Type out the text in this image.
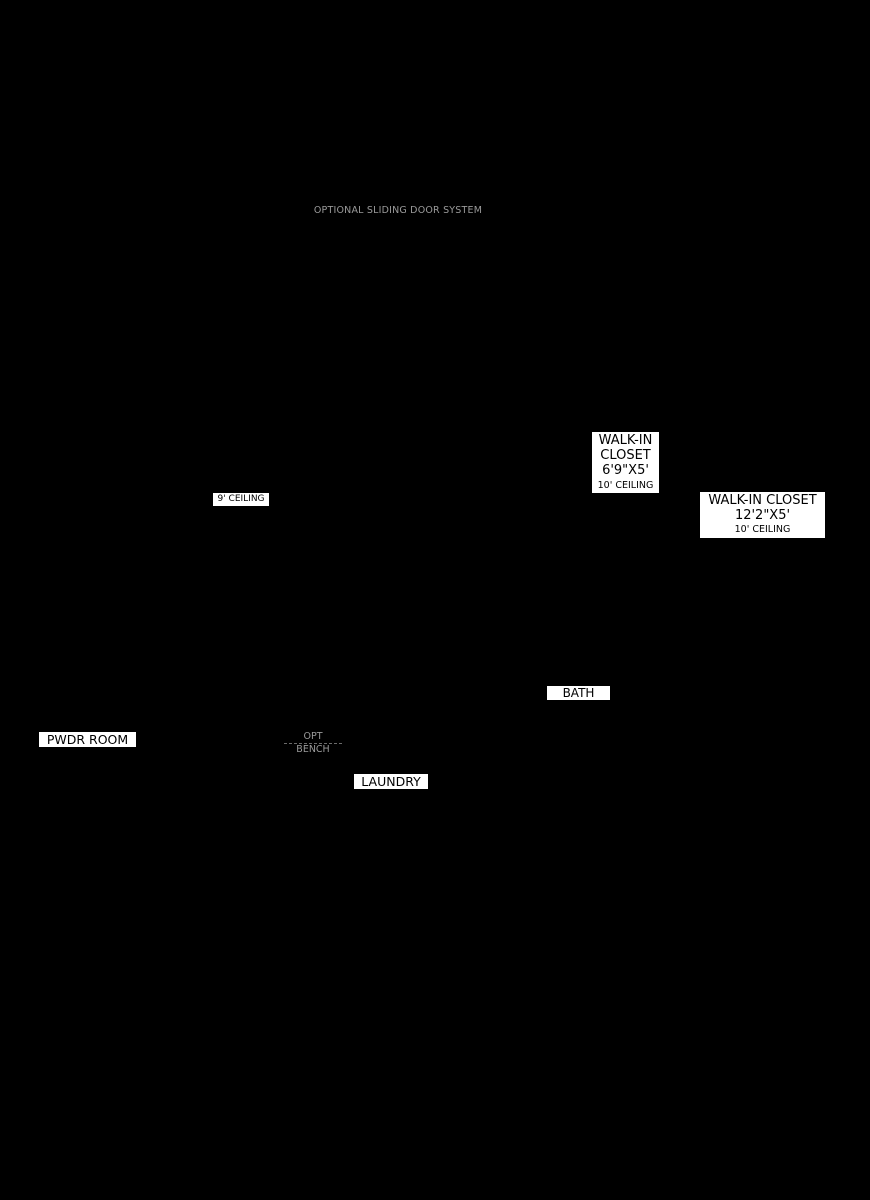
OPTIONAL SLIDING DOOR SYSTEM
WALK-IN
CLOSET
6'9"X5'
10' CEILING
WALK-IN CLOSET
12'2"X5'
10' CEILING
9' CEILING
BATH
PWDR ROOM	OPT
BENCH
LAUNDRY
